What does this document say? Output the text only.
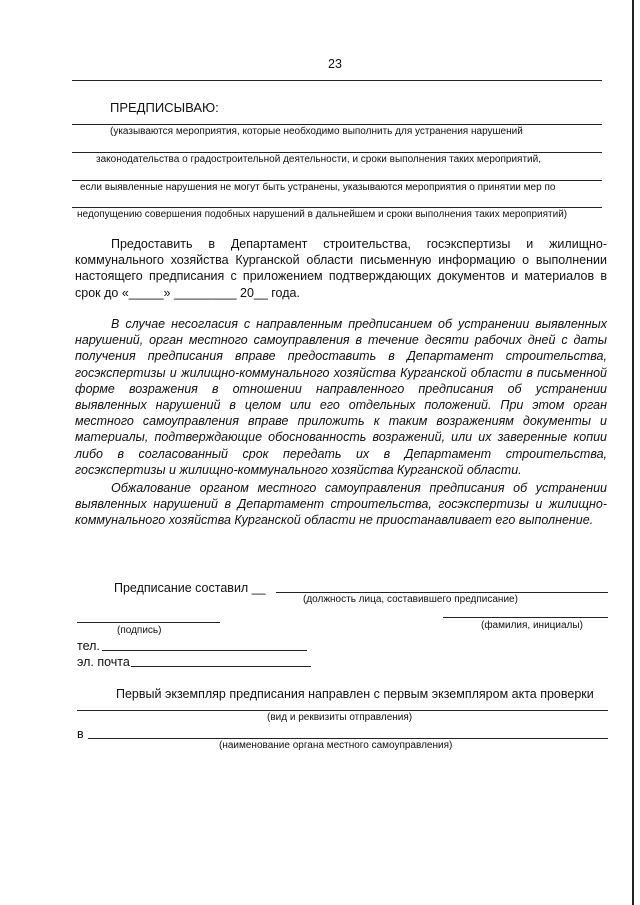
23
ПРЕДПИСЫВАЮ:
(указываются мероприятия, которые необходимо выполнить для устранения нарушений
законодательства о градостроительной деятельности, и сроки выполнения таких мероприятий,
если выявленные нарушения не могут быть устранены, указываются мероприятия о принятии мер по
недопущению совершения подобных нарушений в дальнейшем и сроки выполнения таких мероприятий)
Предоставить в Департамент строительства, госэкспертизы и жилищно-коммунального хозяйства Курганской области письменную информацию о выполнении настоящего предписания с приложением подтверждающих документов и материалов в срок до «_____» _________ 20__ года.
В случае несогласия с направленным предписанием об устранении выявленных нарушений, орган местного самоуправления в течение десяти рабочих дней с даты получения предписания вправе предоставить в Департамент строительства, госэкспертизы и жилищно-коммунального хозяйства Курганской области в письменной форме возражения в отношении направленного предписания об устранении выявленных нарушений в целом или его отдельных положений. При этом орган местного самоуправления вправе приложить к таким возражениям документы и материалы, подтверждающие обоснованность возражений, или их заверенные копии либо в согласованный срок передать их в Департамент строительства, госэкспертизы и жилищно-коммунального хозяйства Курганской области.
Обжалование органом местного самоуправления предписания об устранении выявленных нарушений в Департамент строительства, госэкспертизы и жилищно-коммунального хозяйства Курганской области не приостанавливает его выполнение.
Предписание составил __
(должность лица, составившего предписание)
(подпись)	(фамилия, инициалы)
тел.
эл. почта
Первый экземпляр предписания направлен с первым экземпляром акта проверки
(вид и реквизиты отправления)
в
(наименование органа местного самоуправления)
